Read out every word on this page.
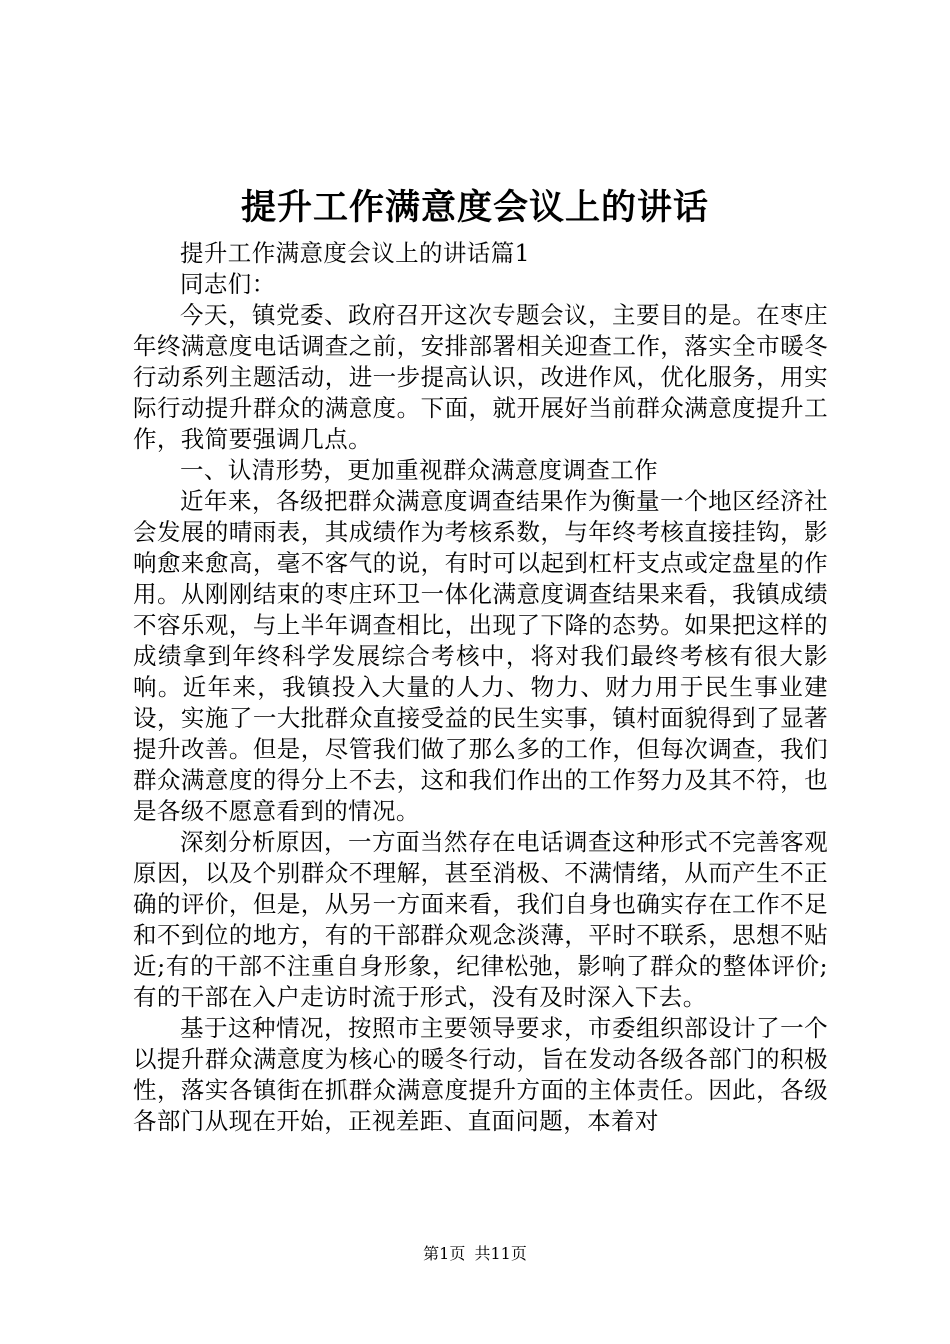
提升工作满意度会议上的讲话

提升工作满意度会议上的讲话篇1

同志们：

今天，镇党委、政府召开这次专题会议，主要目的是。在枣庄年终满意度电话调查之前，安排部署相关迎查工作，落实全市暖冬行动系列主题活动，进一步提高认识，改进作风，优化服务，用实际行动提升群众的满意度。下面，就开展好当前群众满意度提升工作，我简要强调几点。

一、认清形势，更加重视群众满意度调查工作

近年来，各级把群众满意度调查结果作为衡量一个地区经济社会发展的晴雨表，其成绩作为考核系数，与年终考核直接挂钩，影响愈来愈高，毫不客气的说，有时可以起到杠杆支点或定盘星的作用。从刚刚结束的枣庄环卫一体化满意度调查结果来看，我镇成绩不容乐观，与上半年调查相比，出现了下降的态势。如果把这样的成绩拿到年终科学发展综合考核中，将对我们最终考核有很大影响。近年来，我镇投入大量的人力、物力、财力用于民生事业建设，实施了一大批群众直接受益的民生实事，镇村面貌得到了显著提升改善。但是，尽管我们做了那么多的工作，但每次调查，我们群众满意度的得分上不去，这和我们作出的工作努力及其不符，也是各级不愿意看到的情况。

深刻分析原因，一方面当然存在电话调查这种形式不完善客观原因，以及个别群众不理解，甚至消极、不满情绪，从而产生不正确的评价，但是，从另一方面来看，我们自身也确实存在工作不足和不到位的地方，有的干部群众观念淡薄，平时不联系，思想不贴近;有的干部不注重自身形象，纪律松弛，影响了群众的整体评价;有的干部在入户走访时流于形式，没有及时深入下去。

基于这种情况，按照市主要领导要求，市委组织部设计了一个以提升群众满意度为核心的暖冬行动，旨在发动各级各部门的积极性，落实各镇街在抓群众满意度提升方面的主体责任。因此，各级各部门从现在开始，正视差距、直面问题，本着对

第1页 共11页
